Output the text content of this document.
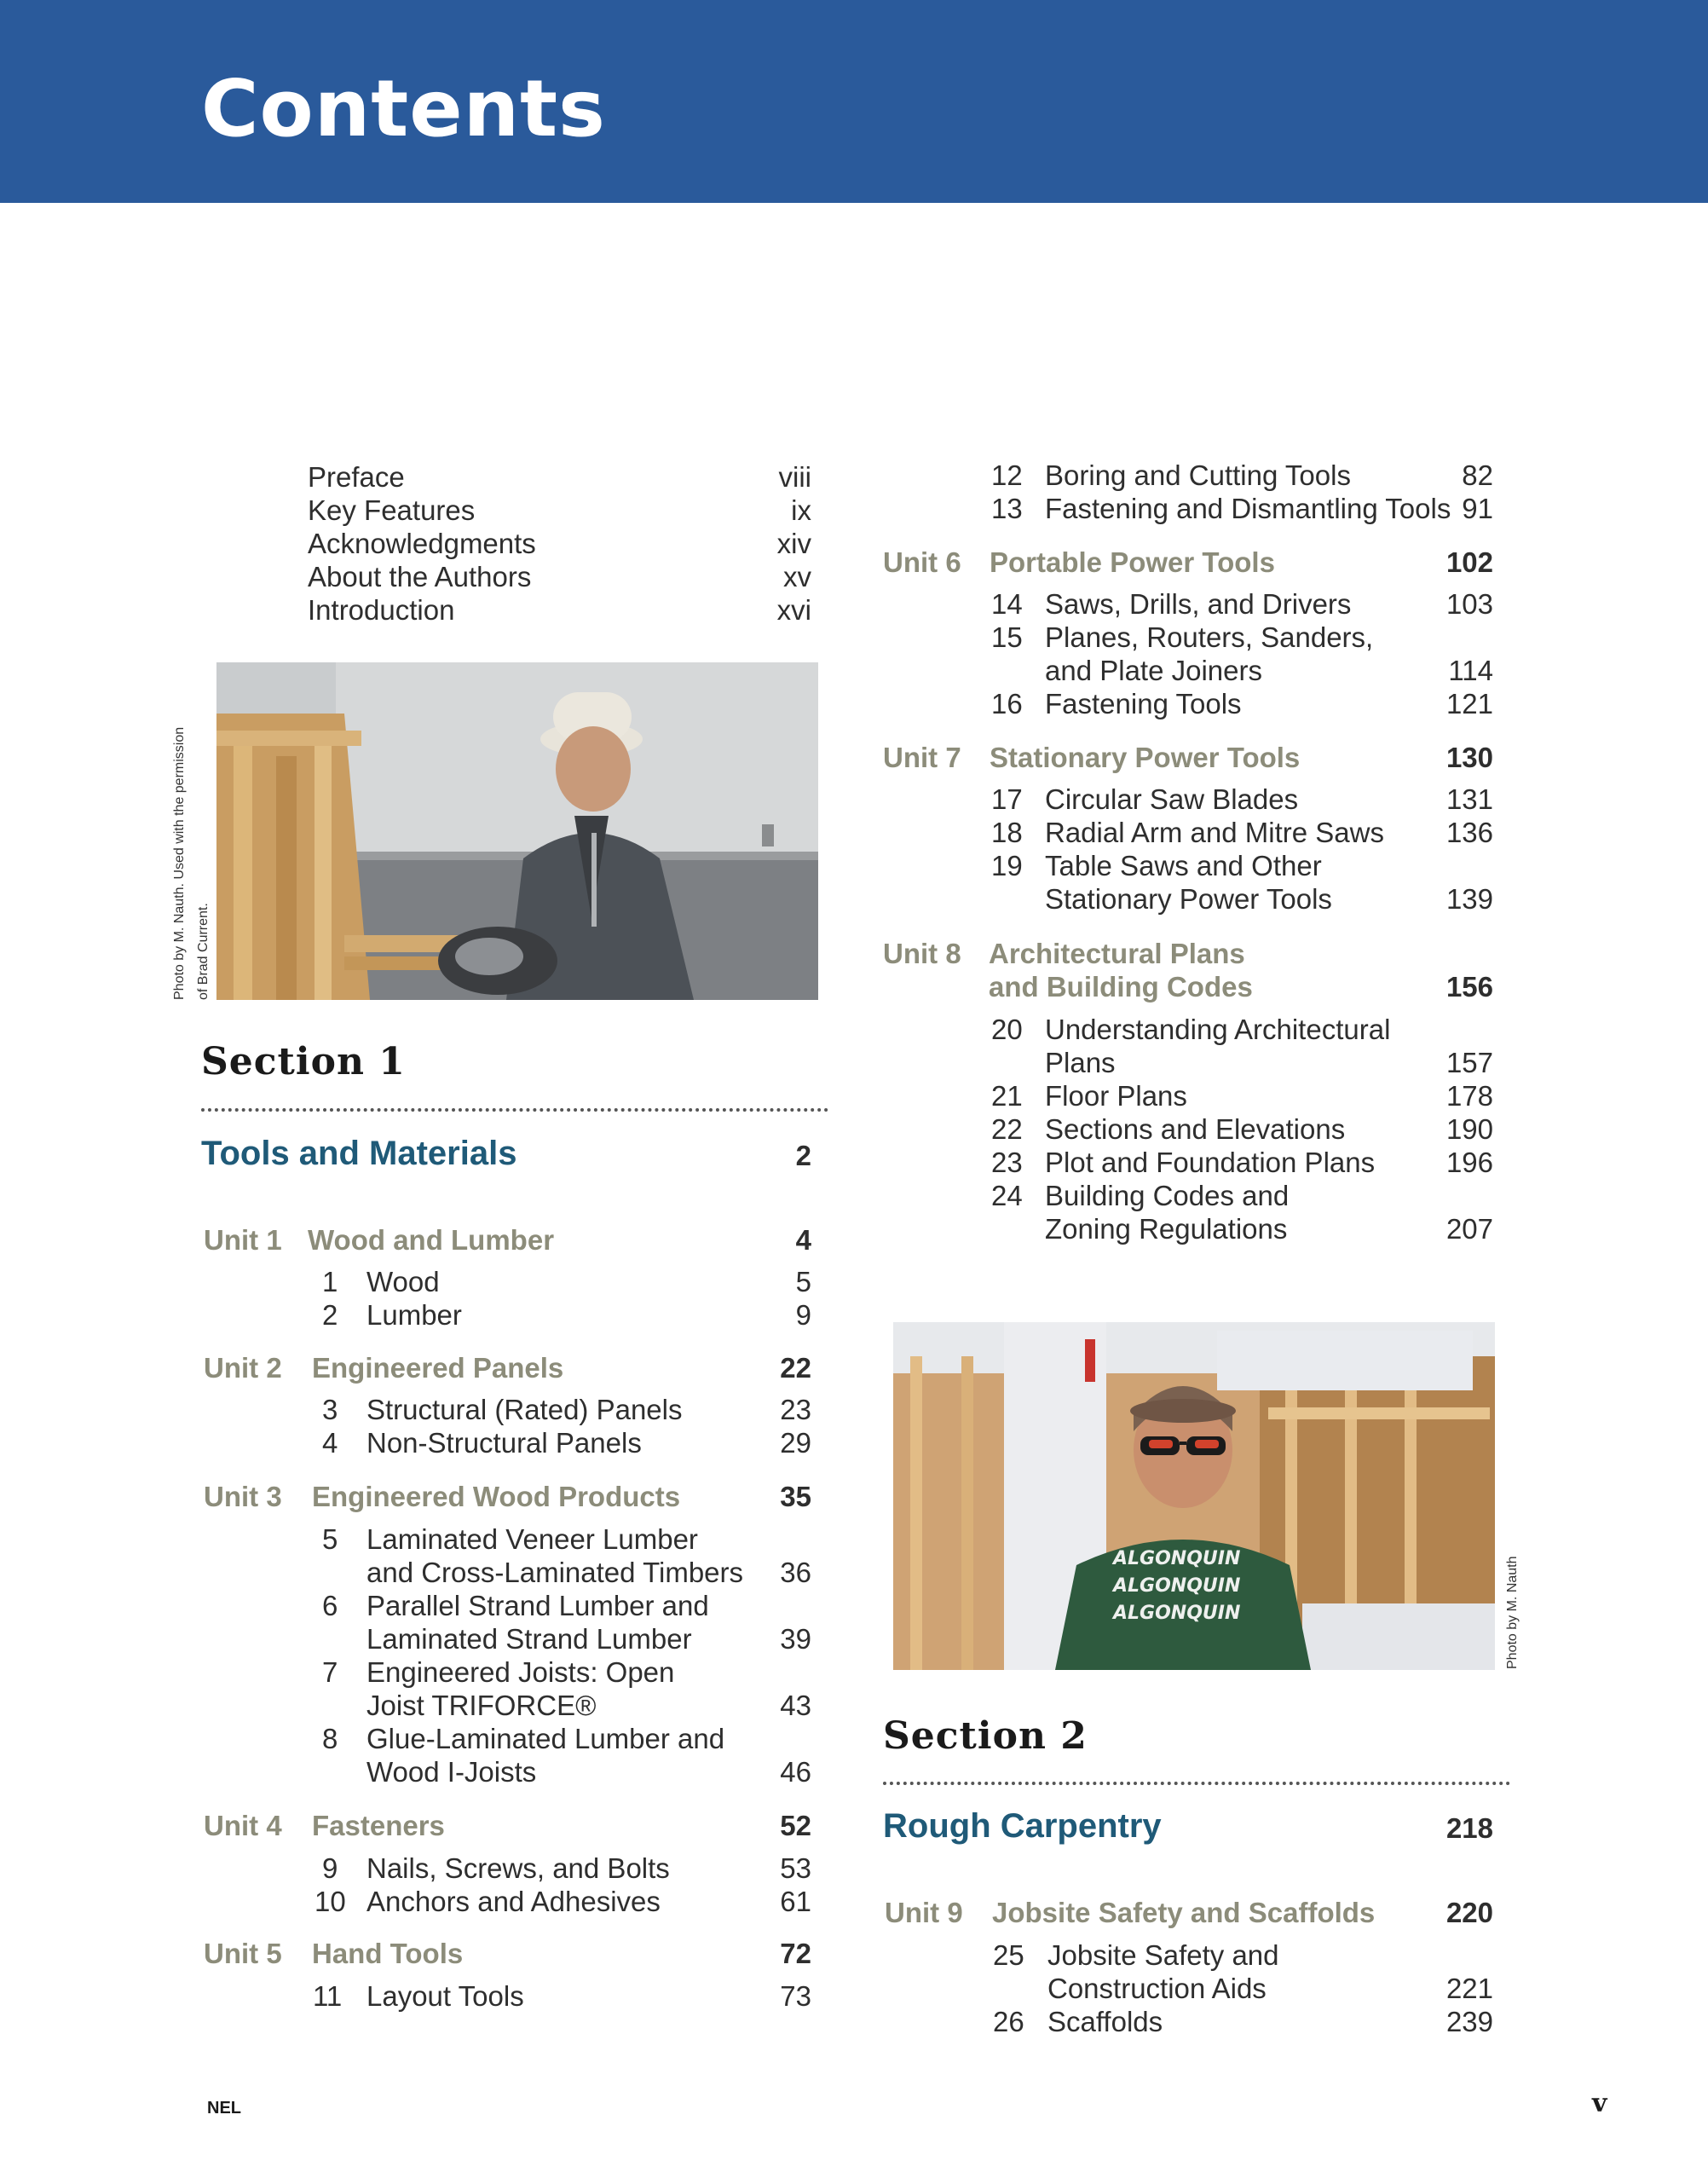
Contents
Preface	viii
Key Features	ix
Acknowledgments	xiv
About the Authors	xv
Introduction	xvi
Photo by M. Nauth. Used with the permission of Brad Current.
Section 1
Tools and Materials	2
Unit 1 Wood and Lumber	4
1 Wood	5
2 Lumber	9
Unit 2 Engineered Panels	22
3 Structural (Rated) Panels	23
4 Non-Structural Panels	29
Unit 3 Engineered Wood Products	35
5 Laminated Veneer Lumber
and Cross-Laminated Timbers	36
6 Parallel Strand Lumber and
Laminated Strand Lumber	39
7 Engineered Joists: Open
Joist TRIFORCE®	43
8 Glue-Laminated Lumber and
Wood I-Joists	46
Unit 4 Fasteners	52
9 Nails, Screws, and Bolts	53
10 Anchors and Adhesives	61
Unit 5 Hand Tools	72
11 Layout Tools	73
12 Boring and Cutting Tools	82
13 Fastening and Dismantling Tools 91
Unit 6 Portable Power Tools	102
14 Saws, Drills, and Drivers	103
15 Planes, Routers, Sanders,
and Plate Joiners	114
16 Fastening Tools	121
Unit 7 Stationary Power Tools	130
17 Circular Saw Blades	131
18 Radial Arm and Mitre Saws	136
19 Table Saws and Other
Stationary Power Tools	139
Unit 8 Architectural Plans
and Building Codes	156
20 Understanding Architectural
Plans	157
21 Floor Plans	178
22 Sections and Elevations	190
23 Plot and Foundation Plans	196
24 Building Codes and
Zoning Regulations	207
ALGONQUIN
ALGONQUIN
ALGONQUIN	Photo by M. Nauth
Section 2
Rough Carpentry	218
Unit 9 Jobsite Safety and Scaffolds	220
25 Jobsite Safety and
Construction Aids	221
26 Scaffolds	239
NEL	v
